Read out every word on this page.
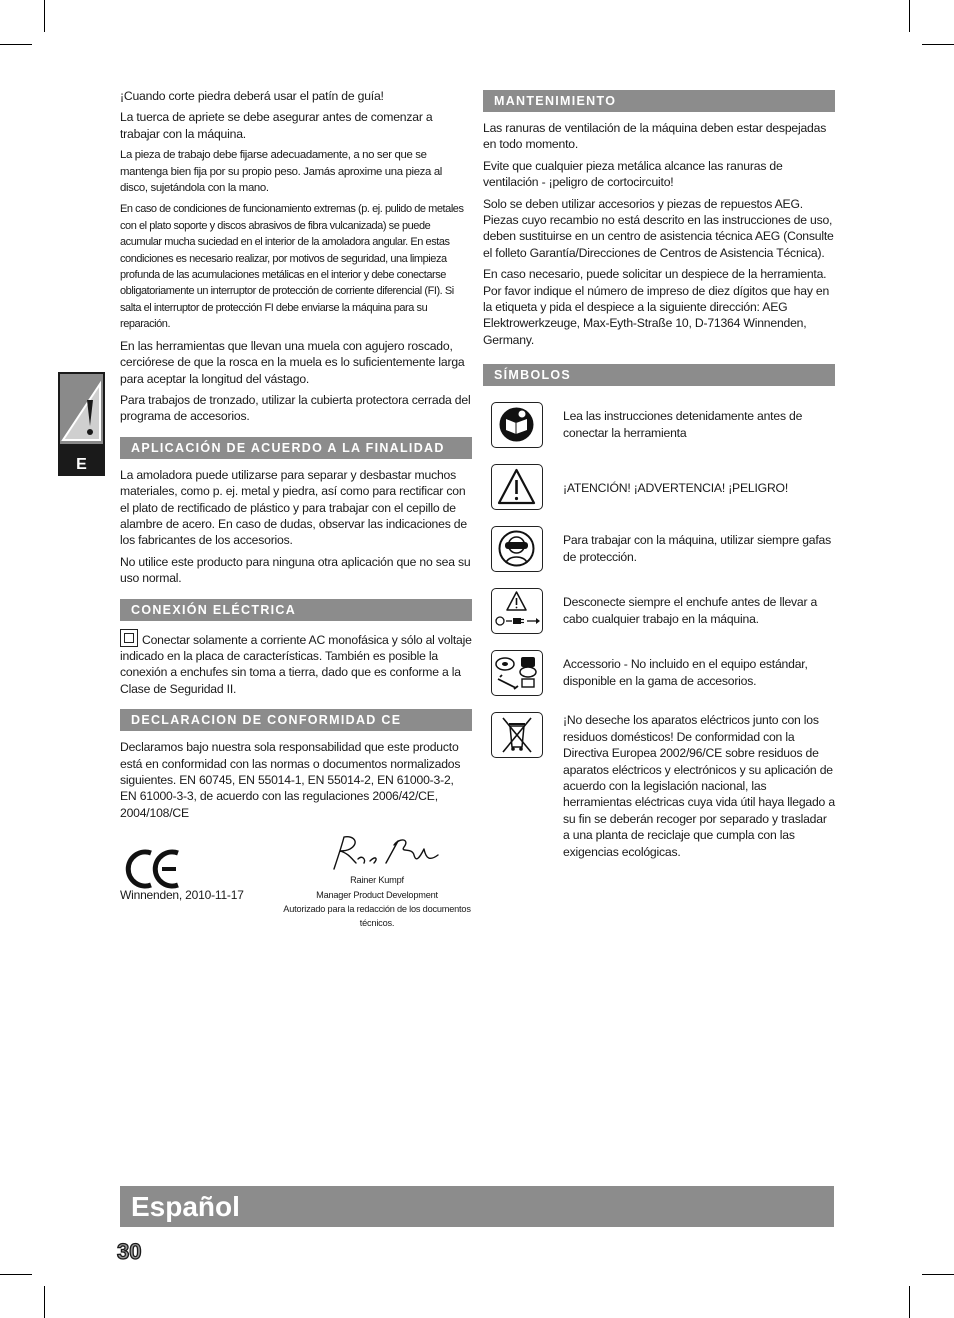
E

¡Cuando corte piedra deberá usar el patín de guía!

La tuerca de apriete se debe asegurar antes de comenzar a trabajar con la máquina.

La pieza de trabajo debe fijarse adecuadamente, a no ser que se mantenga bien fija por su propio peso. Jamás aproxime una pieza al disco, sujetándola con la mano.

En caso de condiciones de funcionamiento extremas (p. ej. pulido de metales con el plato soporte y discos abrasivos de fibra vulcanizada) se puede acumular mucha suciedad en el interior de la amoladora angular. En estas condiciones es necesario realizar, por motivos de seguridad, una limpieza profunda de las acumulaciones metálicas en el interior y debe conectarse obligatoriamente un interruptor de protección de corriente diferencial (FI). Si salta el interruptor de protección FI debe enviarse la máquina para su reparación.

En las herramientas que llevan una muela con agujero roscado, cerciórese de que la rosca en la muela es lo suficientemente larga para aceptar la longitud del vástago.

Para trabajos de tronzado, utilizar la cubierta protectora cerrada del programa de accesorios.

APLICACIÓN DE ACUERDO A LA FINALIDAD

La amoladora puede utilizarse para separar y desbastar muchos materiales, como p. ej. metal y piedra, así como para rectificar con el plato de rectificado de plástico y para trabajar con el cepillo de alambre de acero. En caso de dudas, observar las indicaciones de los fabricantes de los accesorios.

No utilice este producto para ninguna otra aplicación que no sea su uso normal.

CONEXIÓN ELÉCTRICA

Conectar solamente a corriente AC monofásica y sólo al voltaje indicado en la placa de características. También es posible la conexión a enchufes sin toma a tierra, dado que es conforme a la Clase de Seguridad II.

DECLARACION DE CONFORMIDAD CE

Declaramos bajo nuestra sola responsabilidad que este producto está en conformidad con las normas o documentos normalizados siguientes. EN 60745, EN 55014-1, EN 55014-2, EN 61000-3-2, EN 61000-3-3, de acuerdo con las regulaciones 2006/42/CE, 2004/108/CE

Winnenden, 2010-11-17
Rainer Kumpf
Manager Product Development
Autorizado para la redacción de los documentos técnicos.
MANTENIMIENTO

Las ranuras de ventilación de la máquina deben estar despejadas en todo momento.

Evite que cualquier pieza metálica alcance las ranuras de ventilación - ¡peligro de cortocircuito!

Solo se deben utilizar accesorios y piezas de repuestos AEG. Piezas cuyo recambio no está descrito en las instrucciones de uso, deben sustituirse en un centro de asistencia técnica AEG (Consulte el folleto Garantía/Direcciones de Centros de Asistencia Técnica).

En caso necesario, puede solicitar un despiece de la herramienta. Por favor indique el número de impreso de diez dígitos que hay en la etiqueta y pida el despiece a la siguiente dirección: AEG Elektrowerkzeuge, Max-Eyth-Straße 10, D-71364 Winnenden, Germany.

SÍMBOLOS
Lea las instrucciones detenidamente antes de conectar la herramienta
¡ATENCIÓN! ¡ADVERTENCIA! ¡PELIGRO!
Para trabajar con la máquina, utilizar siempre gafas de protección.
Desconecte siempre el enchufe antes de llevar a cabo cualquier trabajo en la máquina.
Accessorio - No incluido en el equipo estándar, disponible en la gama de accesorios.
¡No deseche los aparatos eléctricos junto con los residuos domésticos! De conformidad con la Directiva Europea 2002/96/CE sobre residuos de aparatos eléctricos y electrónicos y su aplicación de acuerdo con la legislación nacional, las herramientas eléctricas cuya vida útil haya llegado a su fin se deberán recoger por separado y trasladar a una planta de reciclaje que cumpla con las exigencias ecológicas.
Español
30
